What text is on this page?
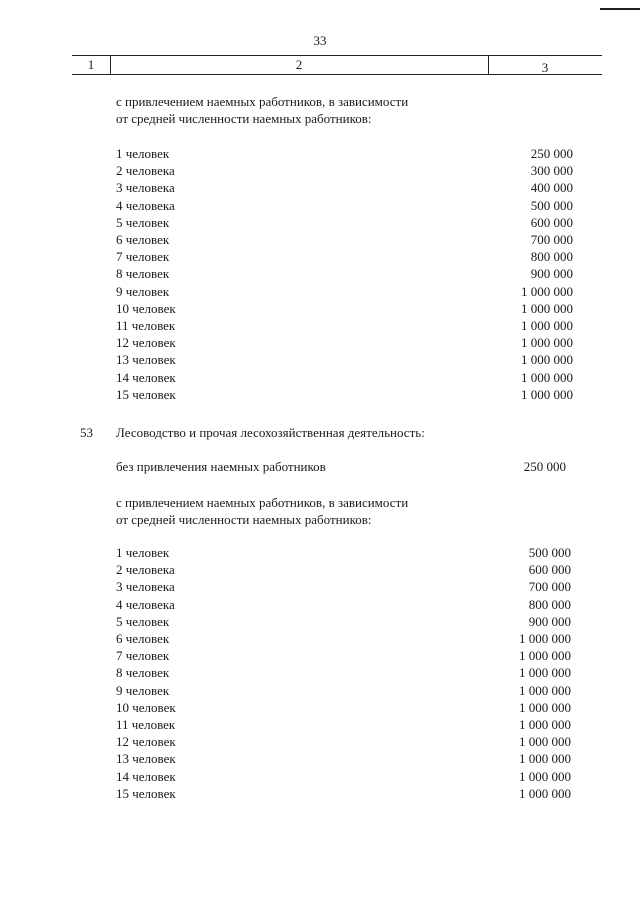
33
1	2	3
с привлечением наемных работников, в зависимости
от средней численности наемных работников:
1 человек	250 000
2 человека	300 000
3 человека	400 000
4 человека	500 000
5 человек	600 000
6 человек	700 000
7 человек	800 000
8 человек	900 000
9 человек	1 000 000
10 человек	1 000 000
11 человек	1 000 000
12 человек	1 000 000
13 человек	1 000 000
14 человек	1 000 000
15 человек	1 000 000
53 Лесоводство и прочая лесохозяйственная деятельность:
без привлечения наемных работников	250 000
с привлечением наемных работников, в зависимости
от средней численности наемных работников:
1 человек	500 000
2 человека	600 000
3 человека	700 000
4 человека	800 000
5 человек	900 000
6 человек	1 000 000
7 человек	1 000 000
8 человек	1 000 000
9 человек	1 000 000
10 человек	1 000 000
11 человек	1 000 000
12 человек	1 000 000
13 человек	1 000 000
14 человек	1 000 000
15 человек	1 000 000
